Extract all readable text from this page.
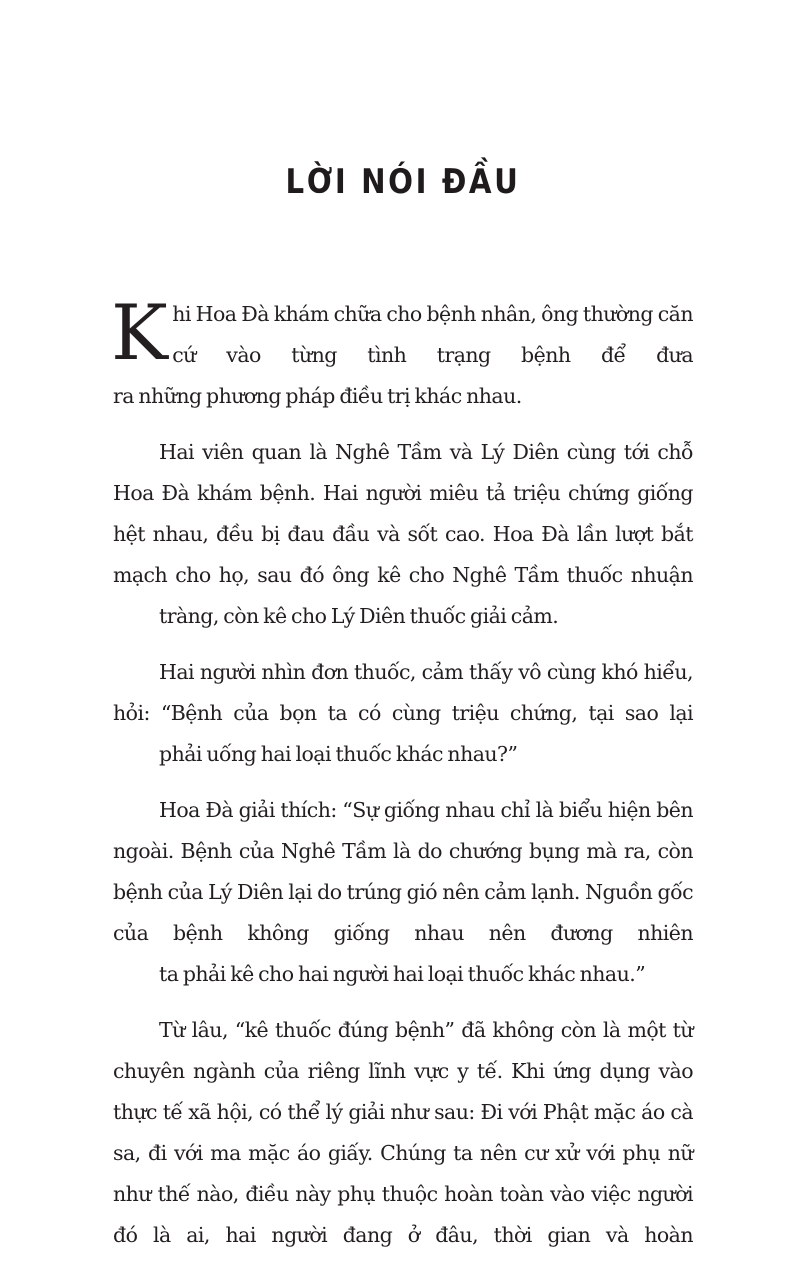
LỜI NÓI ĐẦU

Khi Hoa Đà khám chữa cho bệnh nhân, ông thường căn cứ vào từng tình trạng bệnh để đưa
ra những phương pháp điều trị khác nhau.

Hai viên quan là Nghê Tầm và Lý Diên cùng tới chỗ Hoa Đà khám bệnh. Hai người miêu tả triệu chứng giống hệt nhau, đều bị đau đầu và sốt cao. Hoa Đà lần lượt bắt mạch cho họ, sau đó ông kê cho Nghê Tầm thuốc nhuận
tràng, còn kê cho Lý Diên thuốc giải cảm.

Hai người nhìn đơn thuốc, cảm thấy vô cùng khó hiểu, hỏi: “Bệnh của bọn ta có cùng triệu chứng, tại sao lại
phải uống hai loại thuốc khác nhau?”

Hoa Đà giải thích: “Sự giống nhau chỉ là biểu hiện bên ngoài. Bệnh của Nghê Tầm là do chướng bụng mà ra, còn bệnh của Lý Diên lại do trúng gió nên cảm lạnh. Nguồn gốc của bệnh không giống nhau nên đương nhiên
ta phải kê cho hai người hai loại thuốc khác nhau.”

Từ lâu, “kê thuốc đúng bệnh” đã không còn là một từ chuyên ngành của riêng lĩnh vực y tế. Khi ứng dụng vào thực tế xã hội, có thể lý giải như sau: Đi với Phật mặc áo cà sa, đi với ma mặc áo giấy. Chúng ta nên cư xử với phụ nữ như thế nào, điều này phụ thuộc hoàn toàn vào việc người đó là ai, hai người đang ở đâu, thời gian và hoàn
